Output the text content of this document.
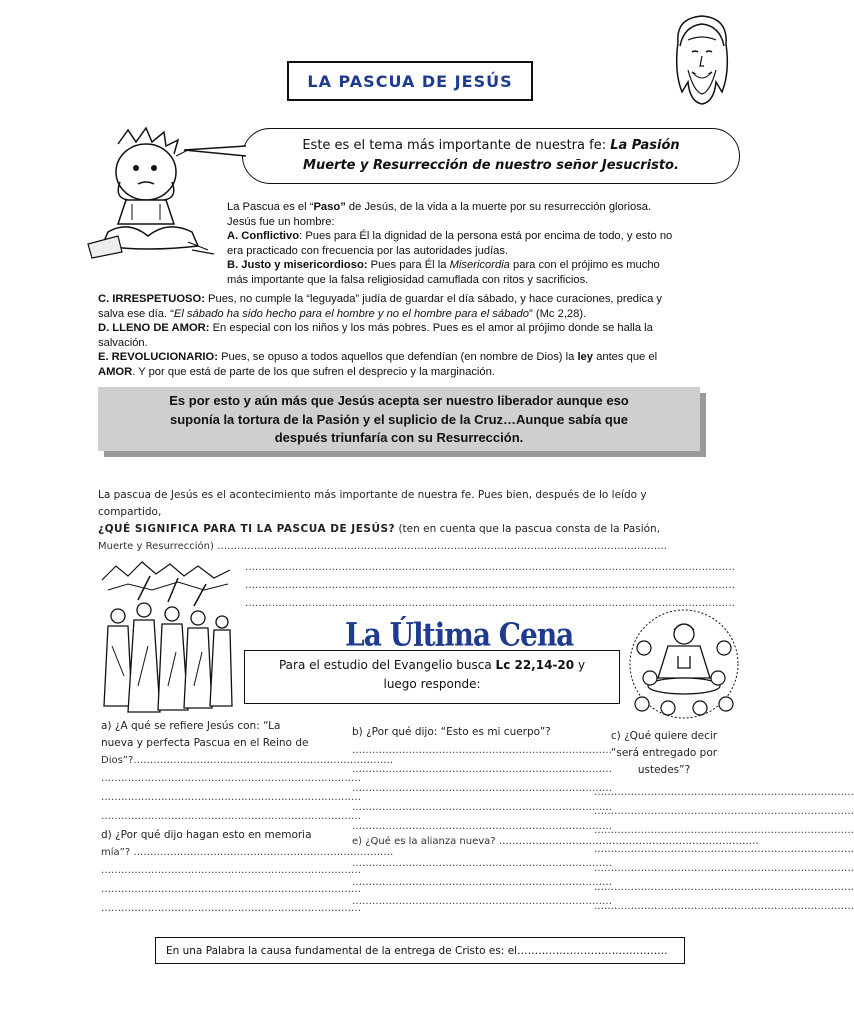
LA PASCUA DE JESÚS
Este es el tema más importante de nuestra fe: La Pasión
Muerte y Resurrección de nuestro señor Jesucristo.
La Pascua es el “Paso” de Jesús, de la vida a la muerte por su resurrección gloriosa.
Jesús fue un hombre:
A. Conflictivo: Pues para Él la dignidad de la persona está por encima de todo, y esto no
era practicado con frecuencia por las autoridades judías.
B. Justo y misericordioso: Pues para Él la Misericordia para con el prójimo es mucho
más importante que la falsa religiosidad camuflada con ritos y sacrificios.
C. IRRESPETUOSO: Pues, no cumple la “leguyada” judía de guardar el día sábado, y hace curaciones, predica y
salva ese día. “El sábado ha sido hecho para el hombre y no el hombre para el sábado” (Mc 2,28).
D. LLENO DE AMOR: En especial con los niños y los más pobres. Pues es el amor al prójimo donde se halla la
salvación.
E. REVOLUCIONARIO: Pues, se opuso a todos aquellos que defendían (en nombre de Dios) la ley antes que el
AMOR. Y por que está de parte de los que sufren el desprecio y la marginación.
Es por esto y aún más que Jesús acepta ser nuestro liberador aunque eso
suponía la tortura de la Pasión y el suplicio de la Cruz…Aunque sabía que
después triunfaría con su Resurrección.
La pascua de Jesús es el acontecimiento más importante de nuestra fe. Pues bien, después de lo leído y
compartido,
¿QUÉ SIGNIFICA PARA TI LA PASCUA DE JESÚS? (ten en cuenta que la pascua consta de la Pasión,
Muerte y Resurrección) ………………………………………………………………………………………………………………………
…………………………………………………………………………………………………………………………………
…………………………………………………………………………………………………………………………………
…………………………………………………………………………………………………………………………………
La Última Cena
Para el estudio del Evangelio busca Lc 22,14-20 y
luego responde:
a) ¿A qué se refiere Jesús con: “La
nueva y perfecta Pascua en el Reino de
Dios”?……………………………………………………………………
……………………………………………………………………
……………………………………………………………………
……………………………………………………………………
d) ¿Por qué dijo hagan esto en memoria
mía”? ……………………………………………………………………
……………………………………………………………………
……………………………………………………………………
……………………………………………………………………
b) ¿Por qué dijo: “Esto es mi cuerpo”?
……………………………………………………………………
……………………………………………………………………
……………………………………………………………………
……………………………………………………………………
……………………………………………………………………
e) ¿Qué es la alianza nueva? ……………………………………………………………………
……………………………………………………………………
……………………………………………………………………
……………………………………………………………………
c) ¿Qué quiere decir
“será entregado por
ustedes”?
……………………………………………………………………
……………………………………………………………………
……………………………………………………………………
……………………………………………………………………
……………………………………………………………………
……………………………………………………………………
……………………………………………………………………
En una Palabra la causa fundamental de la entrega de Cristo es: el…………………………………….
